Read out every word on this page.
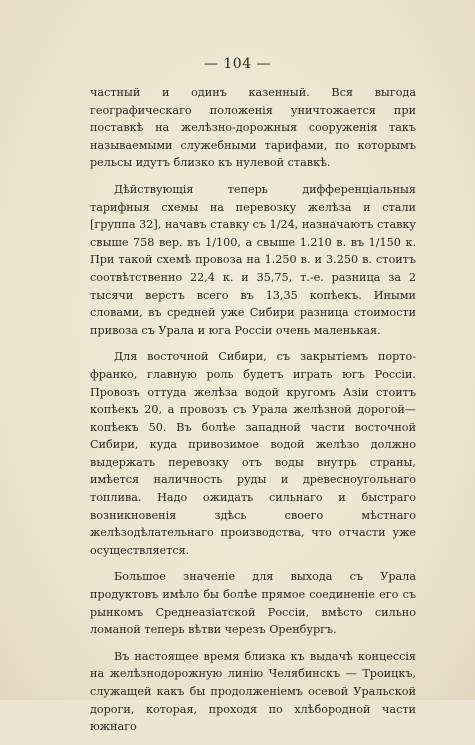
— 104 —

частный и одинъ казенный. Вся выгода географическаго положенія уничтожается при поставкѣ на желѣзно-дорожныя сооруженія такъ называемыми служебными тарифами, по которымъ рельсы идутъ близко къ нулевой ставкѣ.

Дѣйствующія теперь дифференціальныя тарифныя схемы на перевозку желѣза и стали [группа 32], начавъ ставку съ 1/24, назначаютъ ставку свыше 758 вер. въ 1/100, а свыше 1.210 в. въ 1/150 к. При такой схемѣ провоза на 1.250 в. и 3.250 в. стоитъ соотвѣтственно 22,4 к. и 35,75, т.-е. разница за 2 тысячи верстъ всего въ 13,35 копѣекъ. Иными словами, въ средней уже Сибири разница стоимости привоза съ Урала и юга Россіи очень маленькая.

Для восточной Сибири, съ закрытіемъ порто-франко, главную роль будетъ играть югъ Россіи. Провозъ оттуда желѣза водой кругомъ Азіи стоитъ копѣекъ 20, а провозъ съ Урала желѣзной дорогой—копѣекъ 50. Въ болѣе западной части восточной Сибири, куда привозимое водой желѣзо должно выдержать перевозку отъ воды внутрь страны, имѣется наличность руды и древесноугольнаго топлива. Надо ожидать сильнаго и быстраго возникновенія здѣсь своего мѣстнаго желѣзодѣлательнаго производства, что отчасти уже осуществляется.

Большое значеніе для выхода съ Урала продуктовъ имѣло бы болѣе прямое соединеніе его съ рынкомъ Среднеазіатской Россіи, вмѣсто сильно ломаной теперь вѣтви черезъ Оренбургъ.

Въ настоящее время близка къ выдачѣ концессія на желѣзнодорожную линію Челябинскъ — Троицкъ, служащей какъ бы продолженіемъ осевой Уральской дороги, которая, проходя по хлѣбородной части южнаго
